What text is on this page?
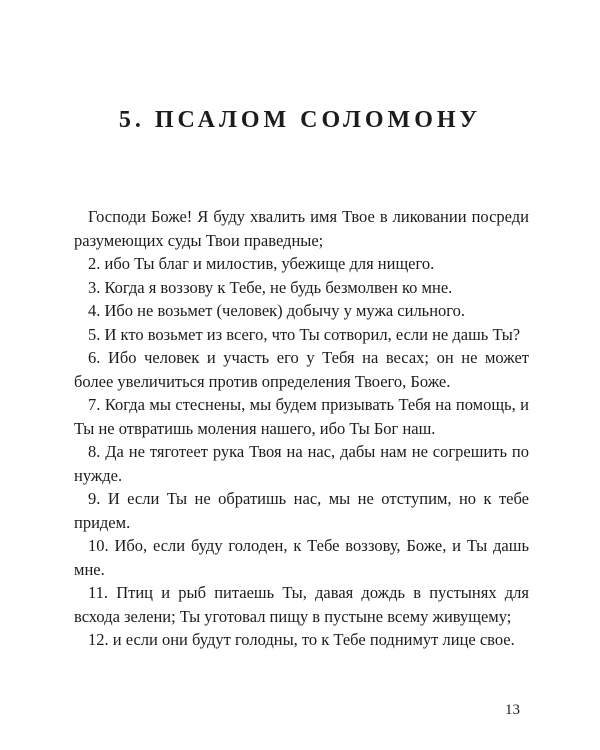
5. ПСАЛОМ СОЛОМОНУ

Господи Боже! Я буду хвалить имя Твое в ликовании посреди разумеющих суды Твои праведные;

2. ибо Ты благ и милостив, убежище для нищего.

3. Когда я воззову к Тебе, не будь безмолвен ко мне.

4. Ибо не возьмет (человек) добычу у мужа сильного.

5. И кто возьмет из всего, что Ты сотворил, если не дашь Ты?

6. Ибо человек и участь его у Тебя на весах; он не может более увеличиться против определения Твоего, Боже.

7. Когда мы стеснены, мы будем призывать Тебя на помощь, и Ты не отвратишь моления нашего, ибо Ты Бог наш.

8. Да не тяготеет рука Твоя на нас, дабы нам не согрешить по нужде.

9. И если Ты не обратишь нас, мы не отступим, но к тебе придем.

10. Ибо, если буду голоден, к Тебе воззову, Боже, и Ты дашь мне.

11. Птиц и рыб питаешь Ты, давая дождь в пустынях для всхода зелени; Ты уготовал пищу в пустыне всему живущему;

12. и если они будут голодны, то к Тебе поднимут лице свое.

13
